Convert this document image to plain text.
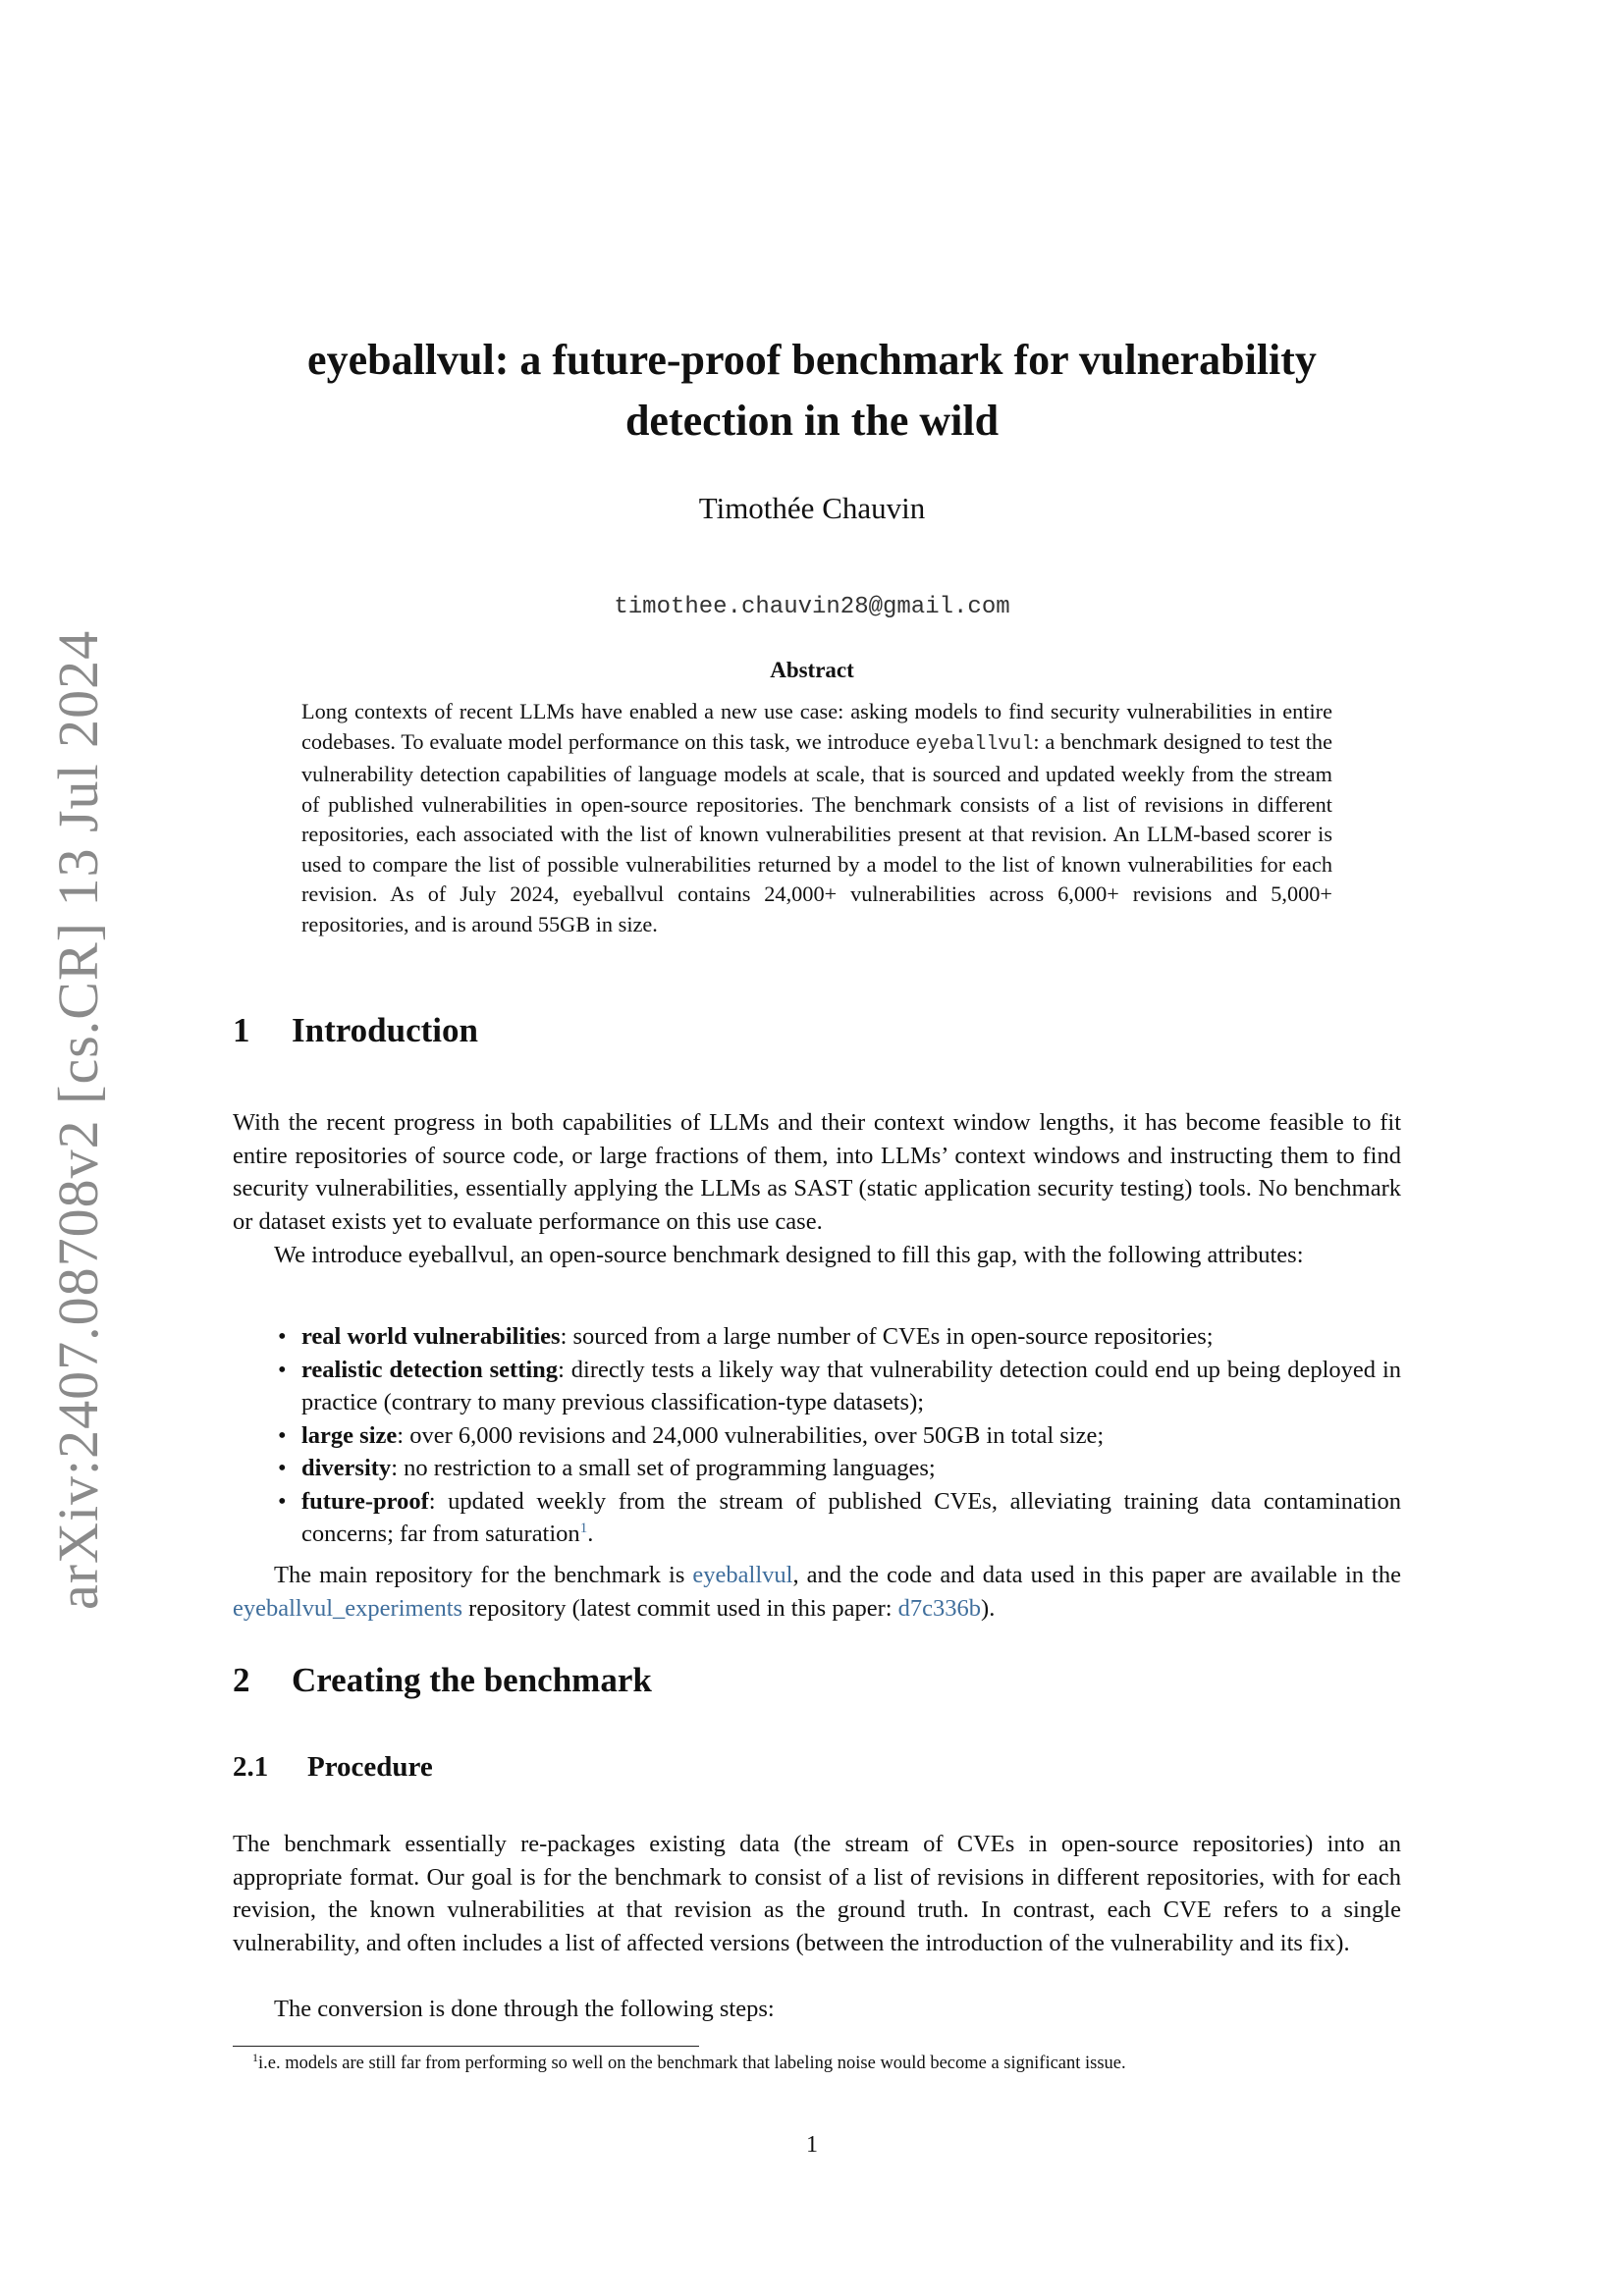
arXiv:2407.08708v2 [cs.CR] 13 Jul 2024
eyeballvul: a future-proof benchmark for vulnerability detection in the wild
Timothée Chauvin
timothee.chauvin28@gmail.com
Abstract
Long contexts of recent LLMs have enabled a new use case: asking models to find security vulnerabilities in entire codebases. To evaluate model performance on this task, we introduce eyeballvul: a benchmark designed to test the vulnerability detection capabilities of language models at scale, that is sourced and updated weekly from the stream of published vulnerabilities in open-source repositories. The benchmark consists of a list of revisions in different repositories, each associated with the list of known vulnerabilities present at that revision. An LLM-based scorer is used to compare the list of possible vulnerabilities returned by a model to the list of known vulnerabilities for each revision. As of July 2024, eyeballvul contains 24,000+ vulnerabilities across 6,000+ revisions and 5,000+ repositories, and is around 55GB in size.
1 Introduction
With the recent progress in both capabilities of LLMs and their context window lengths, it has become feasible to fit entire repositories of source code, or large fractions of them, into LLMs’ context windows and instructing them to find security vulnerabilities, essentially applying the LLMs as SAST (static application security testing) tools. No benchmark or dataset exists yet to evaluate performance on this use case.
We introduce eyeballvul, an open-source benchmark designed to fill this gap, with the following attributes:
• real world vulnerabilities: sourced from a large number of CVEs in open-source repositories;
• realistic detection setting: directly tests a likely way that vulnerability detection could end up being deployed in practice (contrary to many previous classification-type datasets);
• large size: over 6,000 revisions and 24,000 vulnerabilities, over 50GB in total size;
• diversity: no restriction to a small set of programming languages;
• future-proof: updated weekly from the stream of published CVEs, alleviating training data contamination concerns; far from saturation$^1$.
The main repository for the benchmark is eyeballvul, and the code and data used in this paper are available in the eyeballvul_experiments repository (latest commit used in this paper: d7c336b).
2 Creating the benchmark
2.1 Procedure
The benchmark essentially re-packages existing data (the stream of CVEs in open-source repositories) into an appropriate format. Our goal is for the benchmark to consist of a list of revisions in different repositories, with for each revision, the known vulnerabilities at that revision as the ground truth. In contrast, each CVE refers to a single vulnerability, and often includes a list of affected versions (between the introduction of the vulnerability and its fix).
The conversion is done through the following steps:
$^1$i.e. models are still far from performing so well on the benchmark that labeling noise would become a significant issue.
1
